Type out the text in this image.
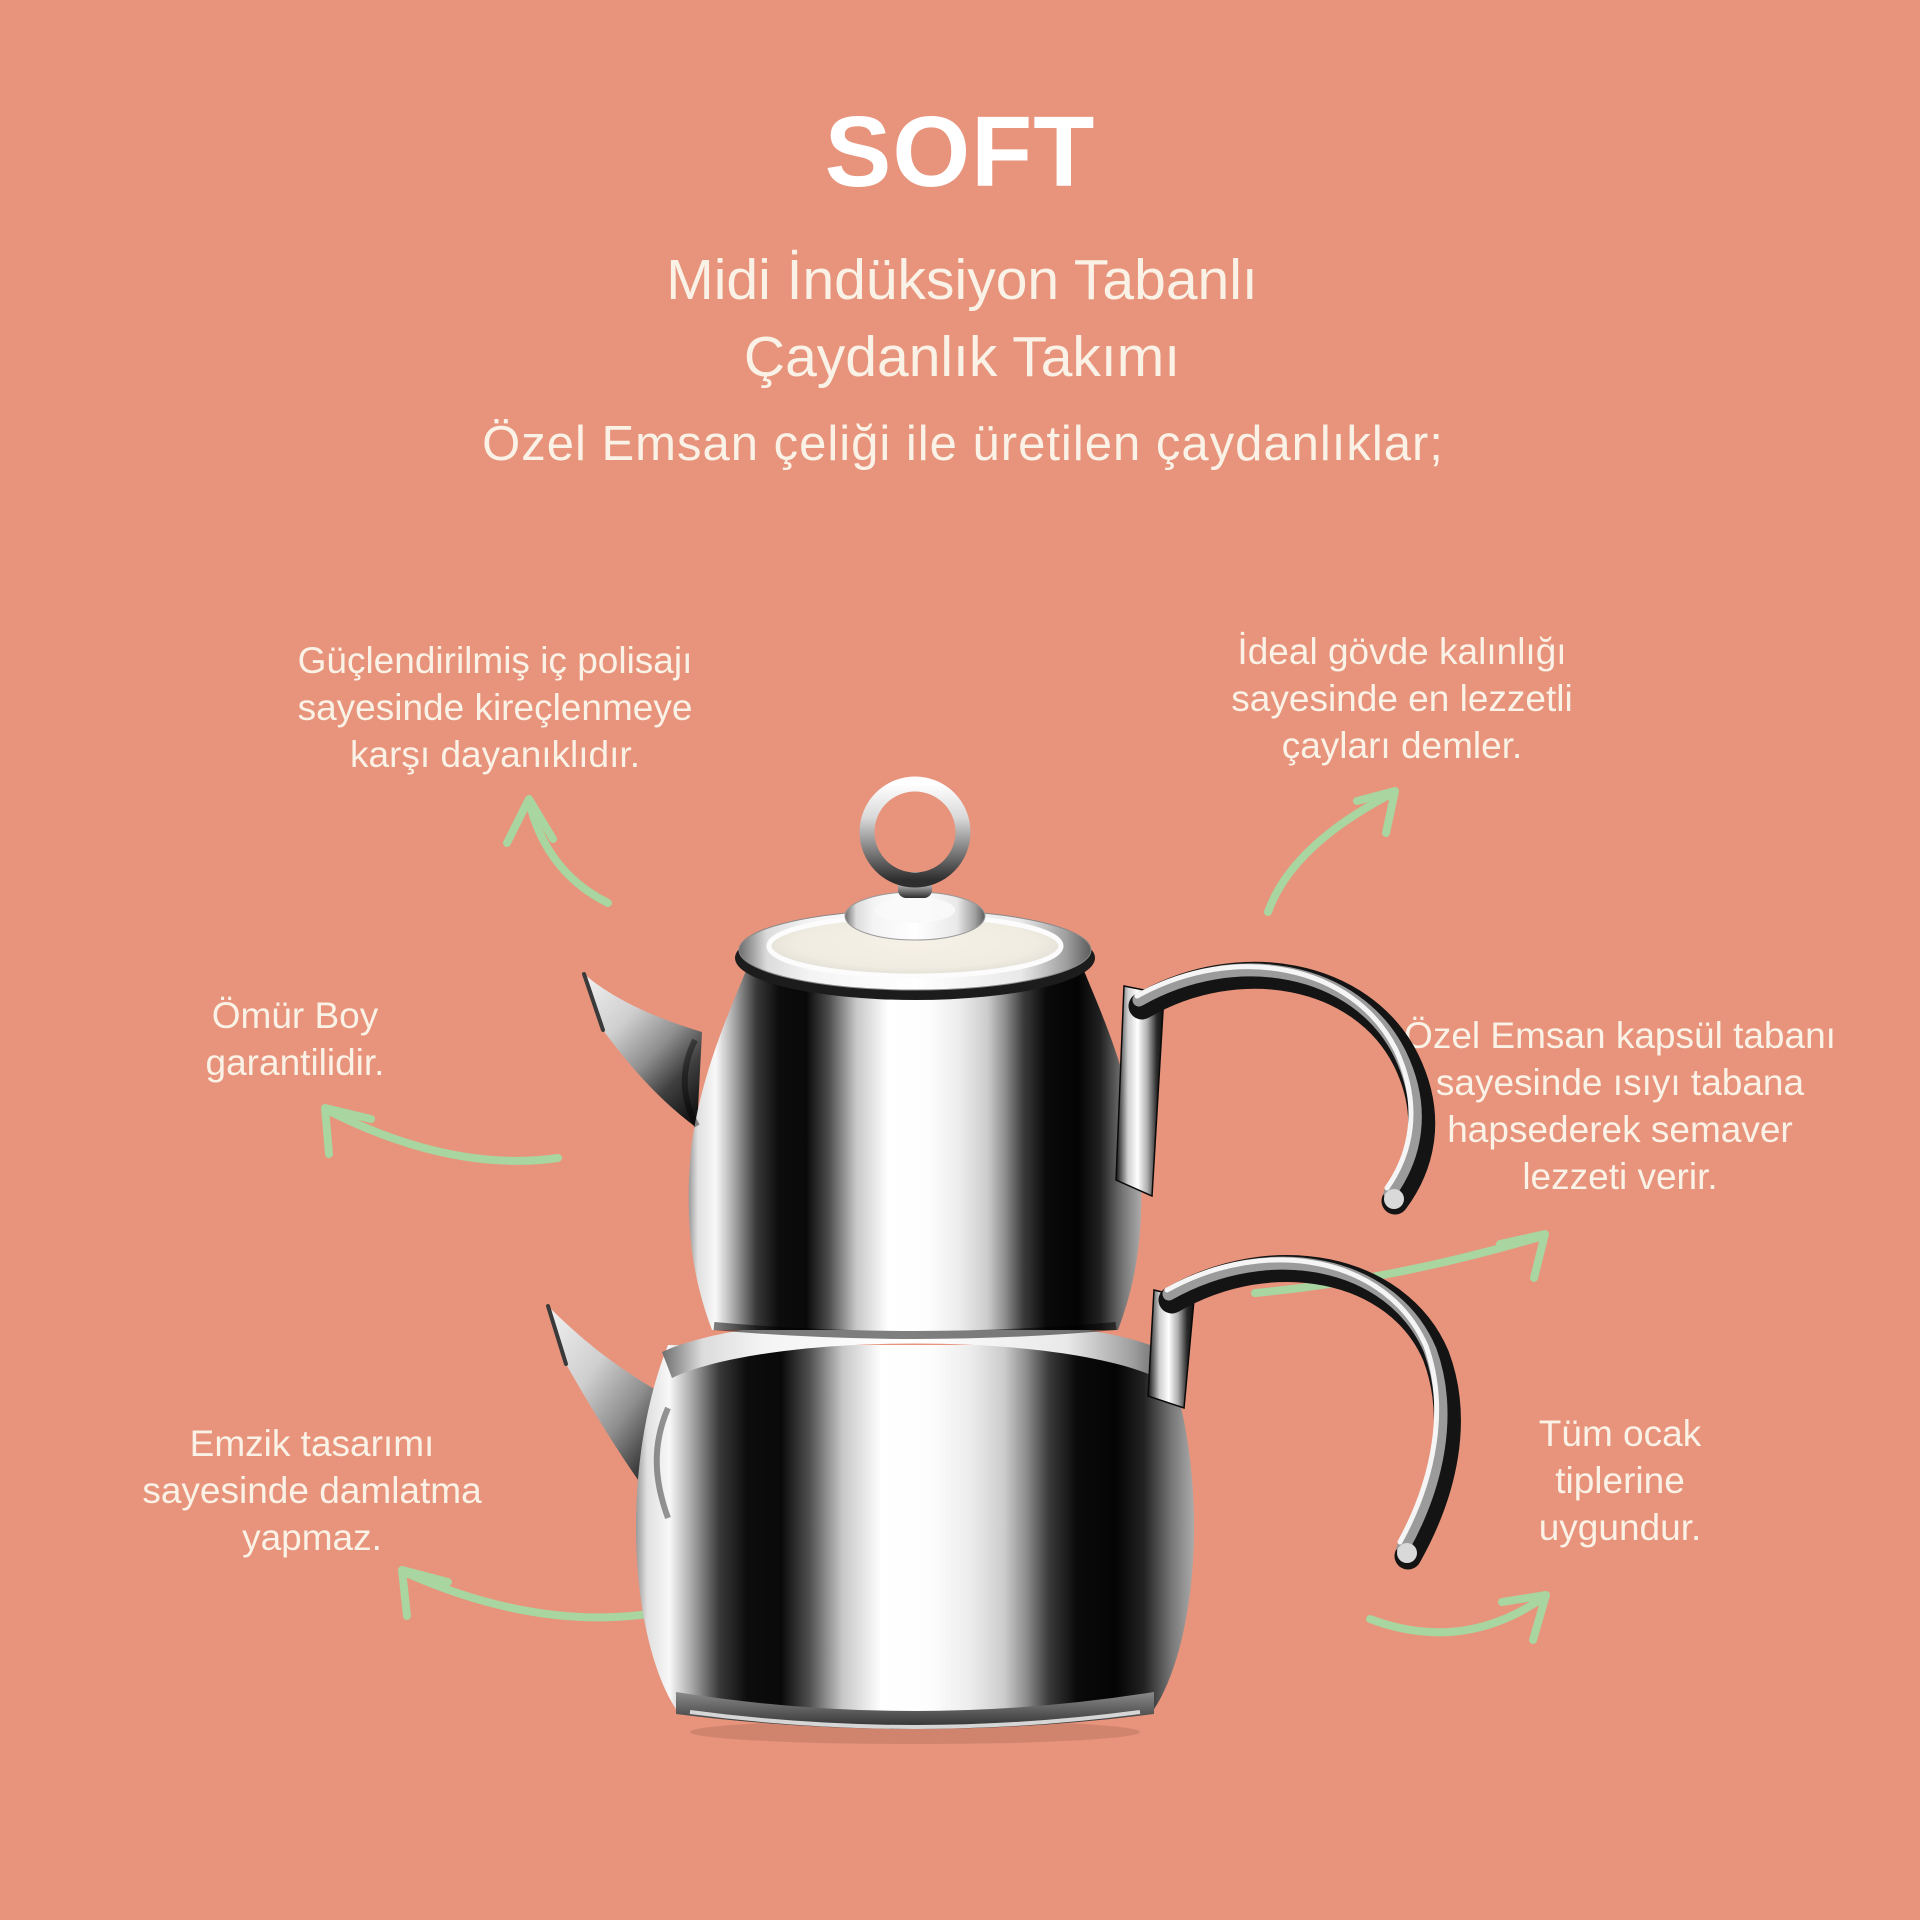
SOFT
Midi İndüksiyon Tabanlı
Çaydanlık Takımı
Özel Emsan çeliği ile üretilen çaydanlıklar;
Güçlendirilmiş iç polisajı
sayesinde kireçlenmeye
karşı dayanıklıdır.
İdeal gövde kalınlığı
sayesinde en lezzetli
çayları demler.
Ömür Boy
garantilidir.
Özel Emsan kapsül tabanı
sayesinde ısıyı tabana
hapsederek semaver
lezzeti verir.
Emzik tasarımı
sayesinde damlatma
yapmaz.
Tüm ocak
tiplerine
uygundur.
